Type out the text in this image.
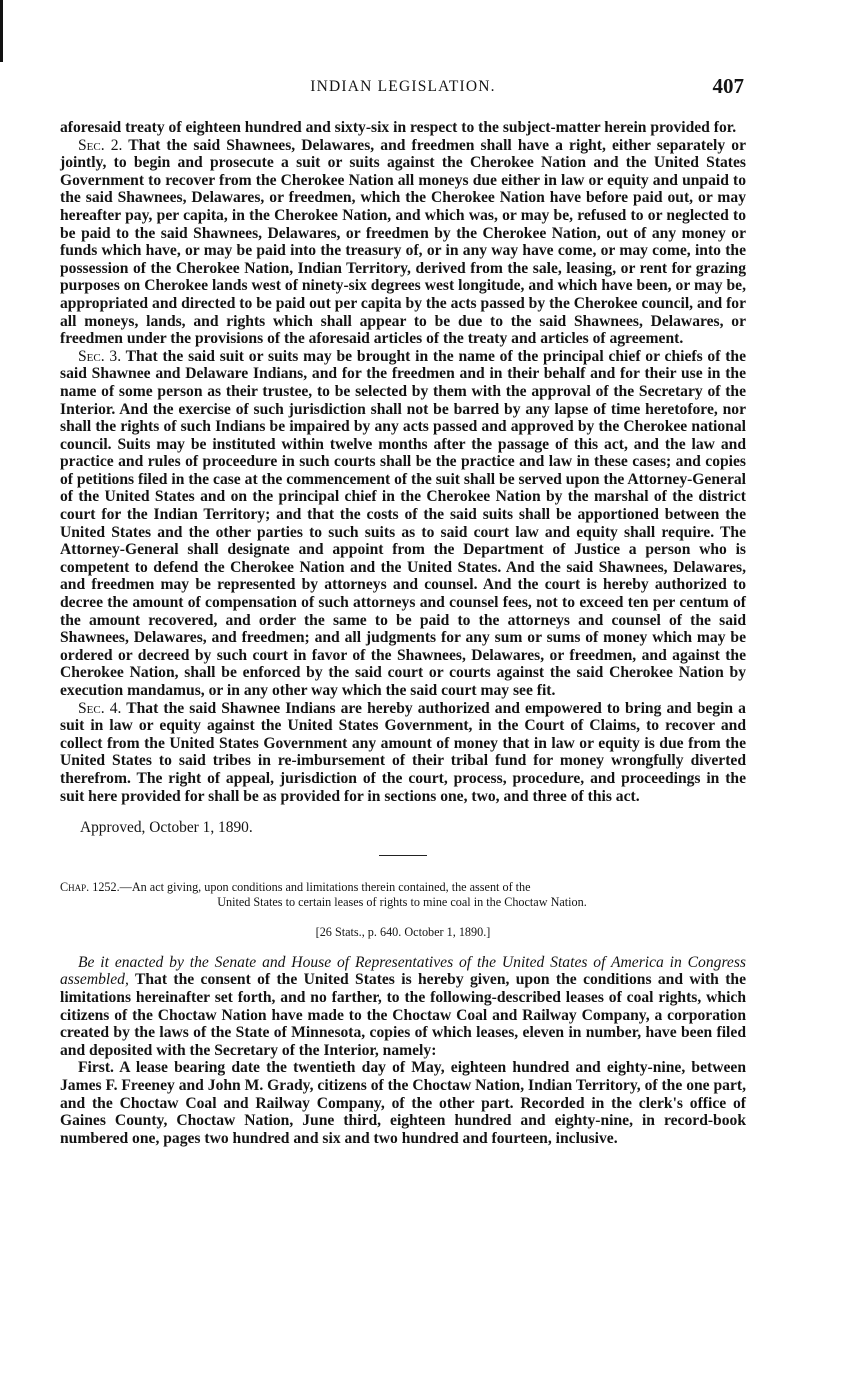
INDIAN LEGISLATION.	407

aforesaid treaty of eighteen hundred and sixty-six in respect to the subject-matter herein provided for.

Sec. 2. That the said Shawnees, Delawares, and freedmen shall have a right, either separately or jointly, to begin and prosecute a suit or suits against the Cherokee Nation and the United States Government to recover from the Cherokee Nation all moneys due either in law or equity and unpaid to the said Shawnees, Delawares, or freedmen, which the Cherokee Nation have before paid out, or may hereafter pay, per capita, in the Cherokee Nation, and which was, or may be, refused to or neglected to be paid to the said Shawnees, Delawares, or freedmen by the Cherokee Nation, out of any money or funds which have, or may be paid into the treasury of, or in any way have come, or may come, into the possession of the Cherokee Nation, Indian Territory, derived from the sale, leasing, or rent for grazing purposes on Cherokee lands west of ninety-six degrees west longitude, and which have been, or may be, appropriated and directed to be paid out per capita by the acts passed by the Cherokee council, and for all moneys, lands, and rights which shall appear to be due to the said Shawnees, Delawares, or freedmen under the provisions of the aforesaid articles of the treaty and articles of agreement.

Sec. 3. That the said suit or suits may be brought in the name of the principal chief or chiefs of the said Shawnee and Delaware Indians, and for the freedmen and in their behalf and for their use in the name of some person as their trustee, to be selected by them with the approval of the Secretary of the Interior. And the exercise of such jurisdiction shall not be barred by any lapse of time heretofore, nor shall the rights of such Indians be impaired by any acts passed and approved by the Cherokee national council. Suits may be instituted within twelve months after the passage of this act, and the law and practice and rules of proceedure in such courts shall be the practice and law in these cases; and copies of petitions filed in the case at the commencement of the suit shall be served upon the Attorney-General of the United States and on the principal chief in the Cherokee Nation by the marshal of the district court for the Indian Territory; and that the costs of the said suits shall be apportioned between the United States and the other parties to such suits as to said court law and equity shall require. The Attorney-General shall designate and appoint from the Department of Justice a person who is competent to defend the Cherokee Nation and the United States. And the said Shawnees, Delawares, and freedmen may be represented by attorneys and counsel. And the court is hereby authorized to decree the amount of compensation of such attorneys and counsel fees, not to exceed ten per centum of the amount recovered, and order the same to be paid to the attorneys and counsel of the said Shawnees, Delawares, and freedmen; and all judgments for any sum or sums of money which may be ordered or decreed by such court in favor of the Shawnees, Delawares, or freedmen, and against the Cherokee Nation, shall be enforced by the said court or courts against the said Cherokee Nation by execution mandamus, or in any other way which the said court may see fit.

Sec. 4. That the said Shawnee Indians are hereby authorized and empowered to bring and begin a suit in law or equity against the United States Government, in the Court of Claims, to recover and collect from the United States Government any amount of money that in law or equity is due from the United States to said tribes in re-imbursement of their tribal fund for money wrongfully diverted therefrom. The right of appeal, jurisdiction of the court, process, procedure, and proceedings in the suit here provided for shall be as provided for in sections one, two, and three of this act.

Approved, October 1, 1890.

Chap. 1252.—An act giving, upon conditions and limitations therein contained, the assent of the
United States to certain leases of rights to mine coal in the Choctaw Nation.

[26 Stats., p. 640. October 1, 1890.]

Be it enacted by the Senate and House of Representatives of the United States of America in Congress assembled, That the consent of the United States is hereby given, upon the conditions and with the limitations hereinafter set forth, and no farther, to the following-described leases of coal rights, which citizens of the Choctaw Nation have made to the Choctaw Coal and Railway Company, a corporation created by the laws of the State of Minnesota, copies of which leases, eleven in number, have been filed and deposited with the Secretary of the Interior, namely:

First. A lease bearing date the twentieth day of May, eighteen hundred and eighty-nine, between James F. Freeney and John M. Grady, citizens of the Choctaw Nation, Indian Territory, of the one part, and the Choctaw Coal and Railway Company, of the other part. Recorded in the clerk's office of Gaines County, Choctaw Nation, June third, eighteen hundred and eighty-nine, in record-book numbered one, pages two hundred and six and two hundred and fourteen, inclusive.
